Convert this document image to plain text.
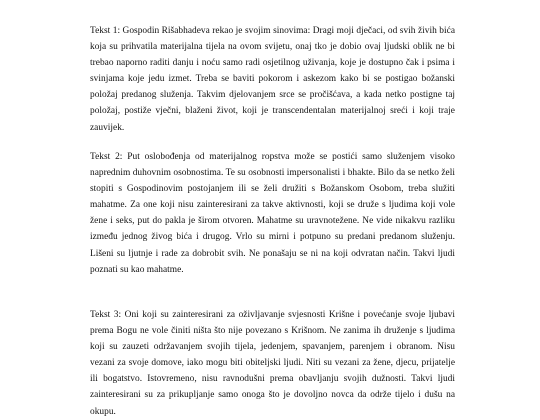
Tekst 1: Gospodin Rišabhadeva rekao je svojim sinovima: Dragi moji dječaci, od svih živih bića koja su prihvatila materijalna tijela na ovom svijetu, onaj tko je dobio ovaj ljudski oblik ne bi trebao naporno raditi danju i noću samo radi osjetilnog uživanja, koje je dostupno čak i psima i svinjama koje jedu izmet. Treba se baviti pokorom i askezom kako bi se postigao božanski položaj predanog služenja. Takvim djelovanjem srce se pročišćava, a kada netko postigne taj položaj, postiže vječni, blaženi život, koji je transcendentalan materijalnoj sreći i koji traje zauvijek.

Tekst 2: Put oslobođenja od materijalnog ropstva može se postići samo služenjem visoko naprednim duhovnim osobnostima. Te su osobnosti impersonalisti i bhakte. Bilo da se netko želi stopiti s Gospodinovim postojanjem ili se želi družiti s Božanskom Osobom, treba služiti mahatme. Za one koji nisu zainteresirani za takve aktivnosti, koji se druže s ljudima koji vole žene i seks, put do pakla je širom otvoren. Mahatme su uravnotežene. Ne vide nikakvu razliku između jednog živog bića i drugog. Vrlo su mirni i potpuno su predani predanom služenju. Lišeni su ljutnje i rade za dobrobit svih. Ne ponašaju se ni na koji odvratan način. Takvi ljudi poznati su kao mahatme.

Tekst 3: Oni koji su zainteresirani za oživljavanje svjesnosti Krišne i povećanje svoje ljubavi prema Bogu ne vole činiti ništa što nije povezano s Krišnom. Ne zanima ih druženje s ljudima koji su zauzeti održavanjem svojih tijela, jedenjem, spavanjem, parenjem i obranom. Nisu vezani za svoje domove, iako mogu biti obiteljski ljudi. Niti su vezani za žene, djecu, prijatelje ili bogatstvo. Istovremeno, nisu ravnodušni prema obavljanju svojih dužnosti. Takvi ljudi zainteresirani su za prikupljanje samo onoga što je dovoljno novca da održe tijelo i dušu na okupu.
